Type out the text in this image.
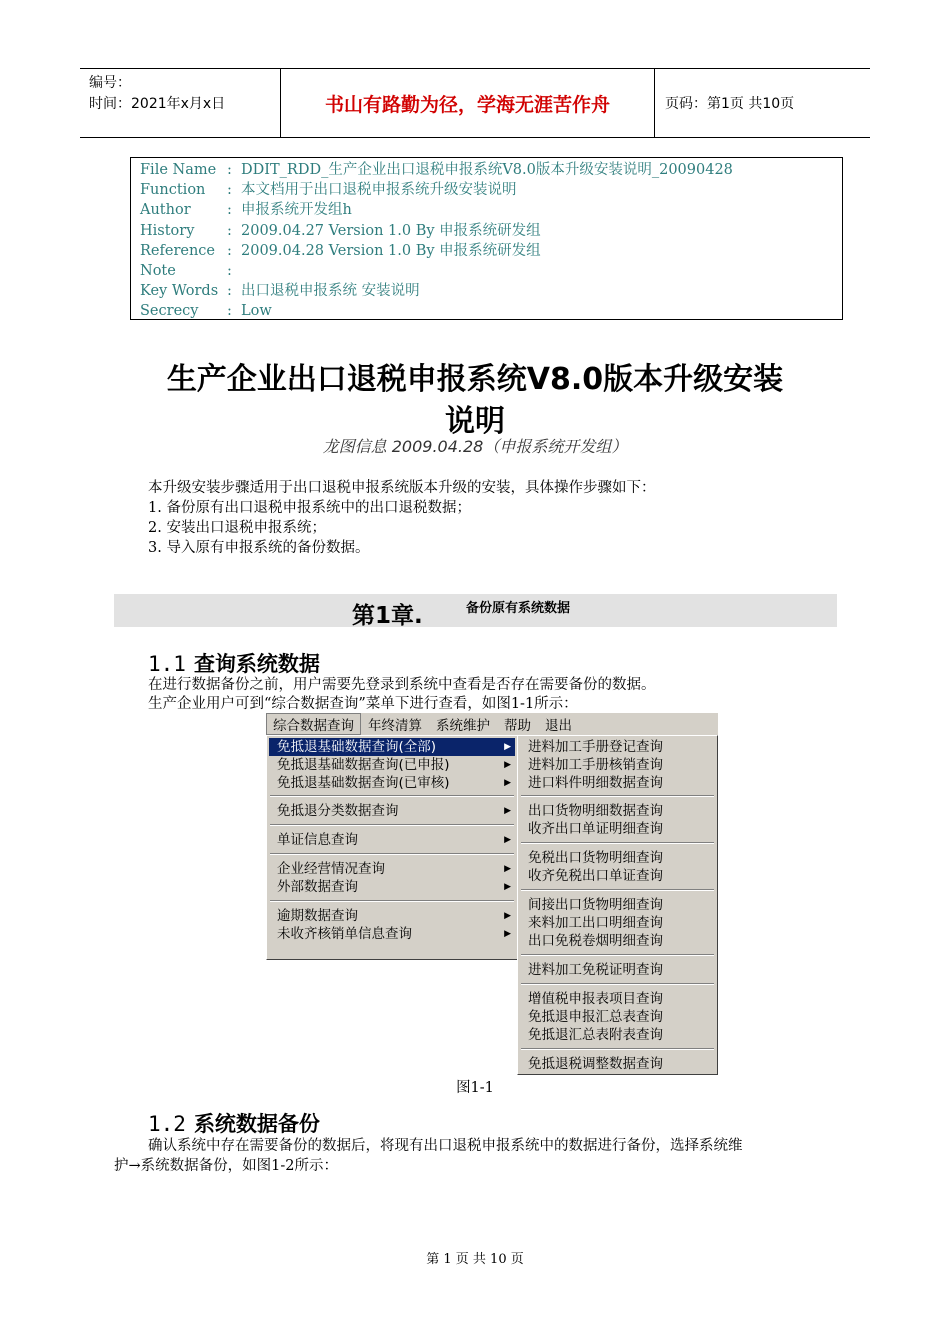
编号：
时间：2021年x月x日	书山有路勤为径，学海无涯苦作舟	页码：第1页 共10页
File Name : DDIT_RDD_生产企业出口退税申报系统V8.0版本升级安装说明_20090428
Function	: 本文档用于出口退税申报系统升级安装说明
Author	: 申报系统开发组h
History	: 2009.04.27 Version 1.0 By 申报系统研发组
Reference : 2009.04.28 Version 1.0 By 申报系统研发组
Note	:
Key Words : 出口退税申报系统 安装说明
Secrecy	: Low
生产企业出口退税申报系统V8.0版本升级安装
说明
龙图信息 2009.04.28（申报系统开发组）
本升级安装步骤适用于出口退税申报系统版本升级的安装，具体操作步骤如下：
1. 备份原有出口退税申报系统中的出口退税数据；
2. 安装出口退税申报系统；
3. 导入原有申报系统的备份数据。
第1章.	备份原有系统数据
1.1 查询系统数据
在进行数据备份之前，用户需要先登录到系统中查看是否存在需要备份的数据。
生产企业用户可到“综合数据查询”菜单下进行查看，如图1-1所示：
综合数据查询	年终清算	系统维护	帮助	退出
免抵退基础数据查询(全部)	▶
免抵退基础数据查询(已申报)	▶
免抵退基础数据查询(已审核)	▶
免抵退分类数据查询	▶
单证信息查询	▶
企业经营情况查询	▶
外部数据查询	▶
逾期数据查询	▶
未收齐核销单信息查询	▶
进料加工手册登记查询
进料加工手册核销查询
进口料件明细数据查询
出口货物明细数据查询
收齐出口单证明细查询
免税出口货物明细查询
收齐免税出口单证查询
间接出口货物明细查询
来料加工出口明细查询
出口免税卷烟明细查询
进料加工免税证明查询
增值税申报表项目查询
免抵退申报汇总表查询
免抵退汇总表附表查询
免抵退税调整数据查询
图1-1
1.2 系统数据备份
确认系统中存在需要备份的数据后，将现有出口退税申报系统中的数据进行备份，选择系统维
护→系统数据备份，如图1-2所示：
第 1 页 共 10 页
